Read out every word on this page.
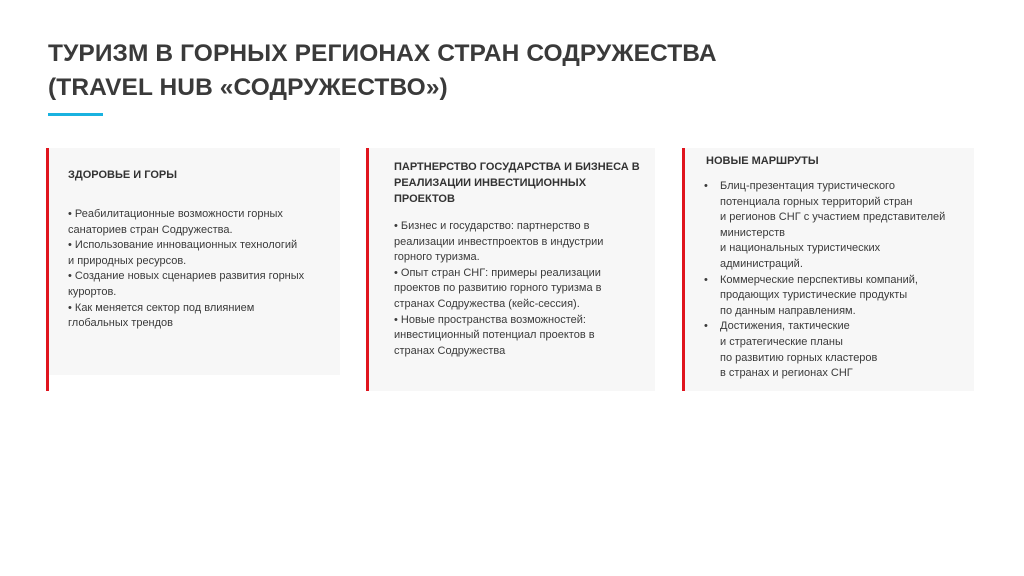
ТУРИЗМ В ГОРНЫХ РЕГИОНАХ СТРАН СОДРУЖЕСТВА
(TRAVEL HUB «СОДРУЖЕСТВО»)
ЗДОРОВЬЕ И ГОРЫ
• Реабилитационные возможности горных
санаториев стран Содружества.
• Использование инновационных технологий
и природных ресурсов.
• Создание новых сценариев развития горных
курортов.
• Как меняется сектор под влиянием
глобальных трендов
ПАРТНЕРСТВО ГОСУДАРСТВА И БИЗНЕСА В РЕАЛИЗАЦИИ ИНВЕСТИЦИОННЫХ ПРОЕКТОВ
• Бизнес и государство: партнерство в
реализации инвестпроектов в индустрии
горного туризма.
• Опыт стран СНГ: примеры реализации
проектов по развитию горного туризма в
странах Содружества (кейс-сессия).
• Новые пространства возможностей:
инвестиционный потенциал проектов в
странах Содружества
НОВЫЕ МАРШРУТЫ
• Блиц-презентация туристического
потенциала горных территорий стран
и регионов СНГ с участием представителей
министерств
и национальных туристических
администраций.
• Коммерческие перспективы компаний,
продающих туристические продукты
по данным направлениям.
• Достижения, тактические
и стратегические планы
по развитию горных кластеров
в странах и регионах СНГ
